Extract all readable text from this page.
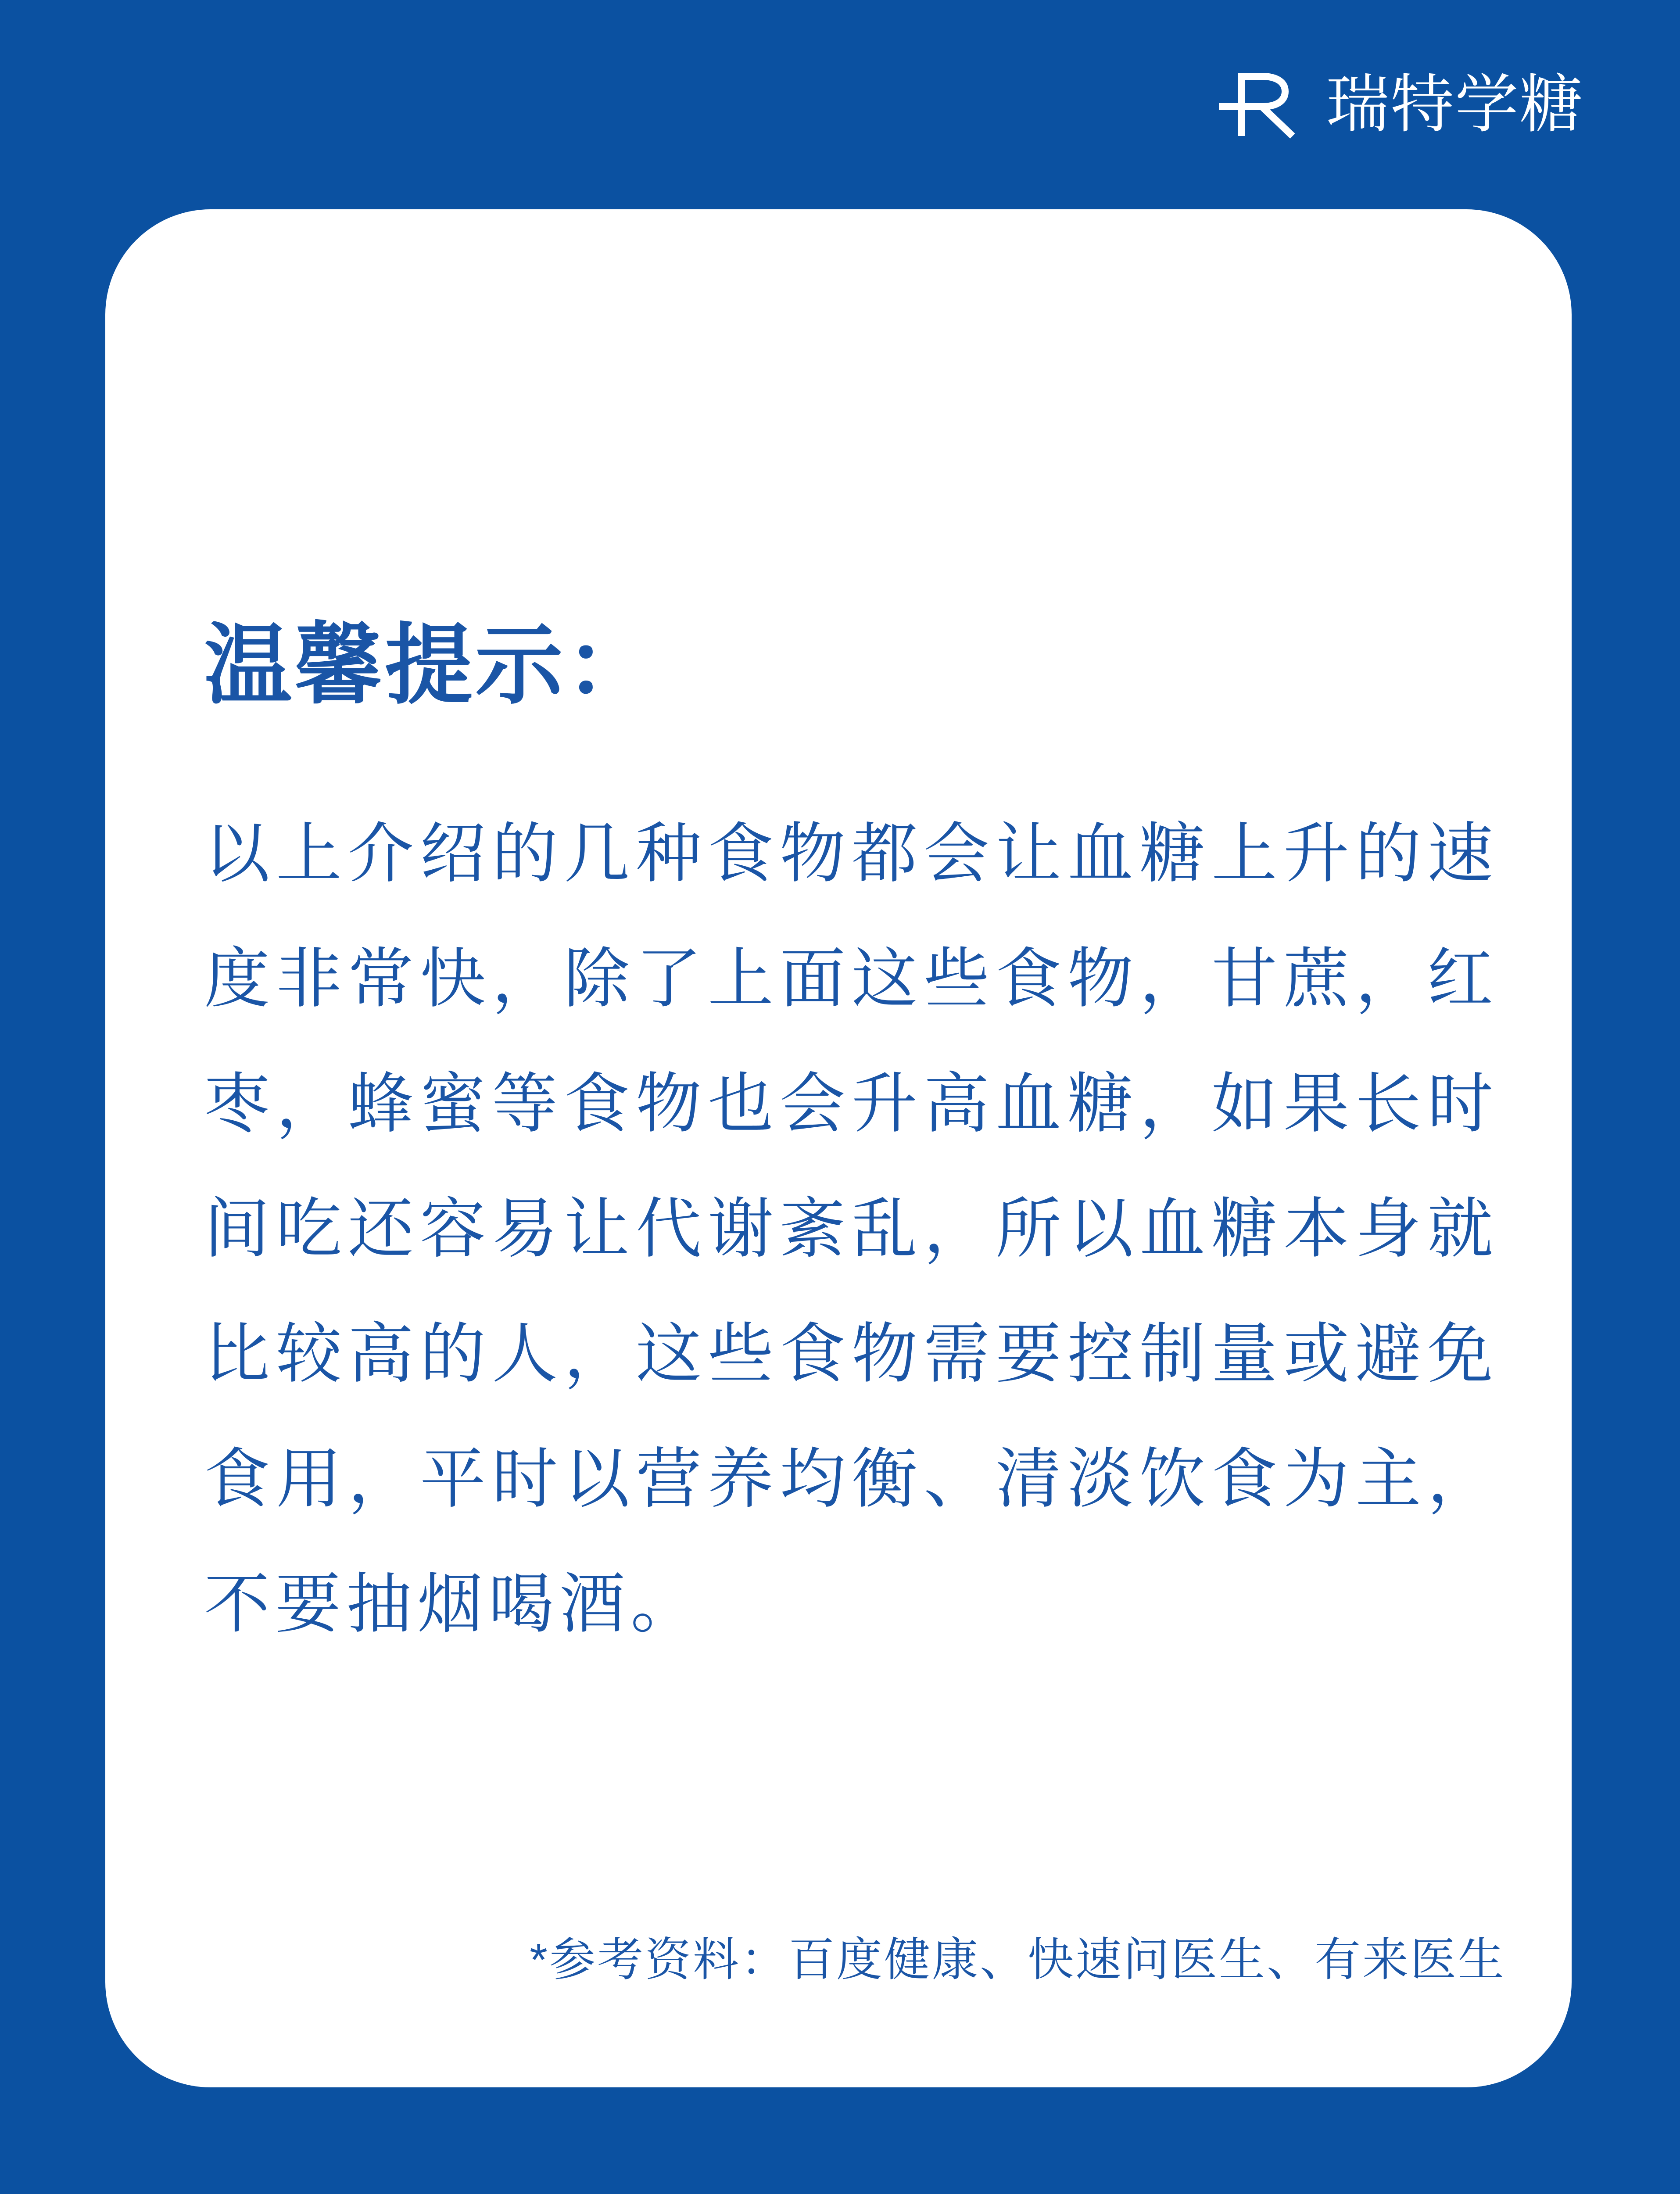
瑞特学糖
温馨提示：

以上介绍的几种食物都会让血糖上升的速度非常快，除了上面这些食物，甘蔗，红枣，蜂蜜等食物也会升高血糖，如果长时间吃还容易让代谢紊乱，所以血糖本身就比较高的人，这些食物需要控制量或避免食用，平时以营养均衡、清淡饮食为主，不要抽烟喝酒。

*参考资料：百度健康、快速问医生、有来医生
